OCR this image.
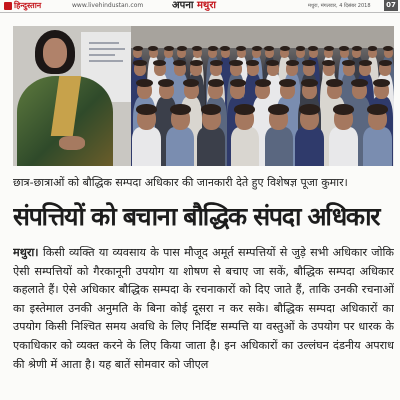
हिन्दुस्तान	www.livehindustan.com	अपना मथुरा	मथुरा, मंगलवार, 4 दिसंबर 2018	07
छात्र-छात्राओं को बौद्धिक सम्पदा अधिकार की जानकारी देते हुए विशेषज्ञ पूजा कुमार।
संपत्तियों को बचाना बौद्धिक संपदा अधिकार
मथुरा। किसी व्यक्ति या व्यवसाय के पास मौजूद अमूर्त सम्पत्तियों से जुड़े सभी अधिकार जोकि ऐसी सम्पत्तियों को गैरकानूनी उपयोग या शोषण से बचाए जा सकें, बौद्धिक सम्पदा अधिकार कहलाते हैं। ऐसे अधिकार बौद्धिक सम्पदा के रचनाकारों को दिए जाते हैं, ताकि उनकी रचनाओं का इस्तेमाल उनकी अनुमति के बिना कोई दूसरा न कर सके। बौद्धिक सम्पदा अधिकारों का उपयोग किसी निश्चित समय अवधि के लिए निर्दिष्ट सम्पत्ति या वस्तुओं के उपयोग पर धारक के एकाधिकार को व्यक्त करने के लिए किया जाता है। इन अधिकारों का उल्लंघन दंडनीय अपराध की श्रेणी में आता है। यह बातें सोमवार को जीएल
